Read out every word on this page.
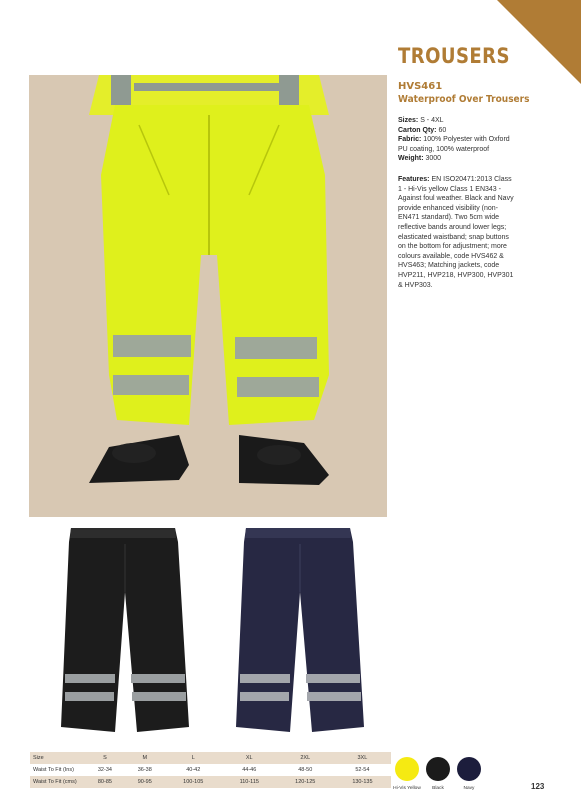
TROUSERS
HVS461
Waterproof Over Trousers
Sizes: S - 4XL
Carton Qty: 60
Fabric: 100% Polyester with Oxford PU coating, 100% waterproof
Weight: 3000
Features: EN ISO20471:2013 Class 1 - Hi-Vis yellow Class 1 EN343 - Against foul weather. Black and Navy provide enhanced visibility (non-EN471 standard). Two 5cm wide reflective bands around lower legs; elasticated waistband; snap buttons on the bottom for adjustment; more colours available, code HVS462 & HVS463; Matching jackets, code HVP211, HVP218, HVP300, HVP301 & HVP303.
Size	S	M	L	XL	2XL	3XL
Waist To Fit (Ins)	32-34	36-38	40-42	44-46	48-50	52-54
Waist To Fit (cms)	80-85	90-95	100-105	110-115	120-125	130-135
Hi-Vis Yellow	Black	Navy	123
